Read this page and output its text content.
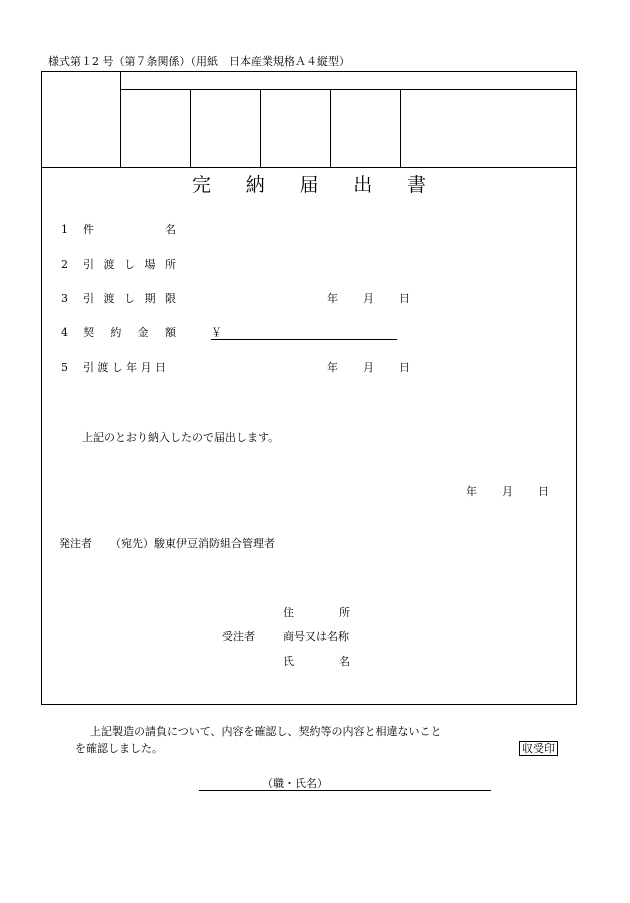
様式第１2 号（第７条関係）（用紙　日本産業規格Ａ４縦型）
完 納 届 出 書
1 件	名
2 引 渡 し 場 所
3 引 渡 し 期 限	年 月 日
4 契 約 金 額	￥
5 引 渡 し 年 月 日	年 月 日
上記のとおり納入したので届出します。
年 月 日
発注者 （宛先）駿東伊豆消防組合管理者
住	所
受注者	商号又は名称
氏	名
上記製造の請負について、内容を確認し、契約等の内容と相違ないこと
を確認しました。	収受印
（職・氏名）
